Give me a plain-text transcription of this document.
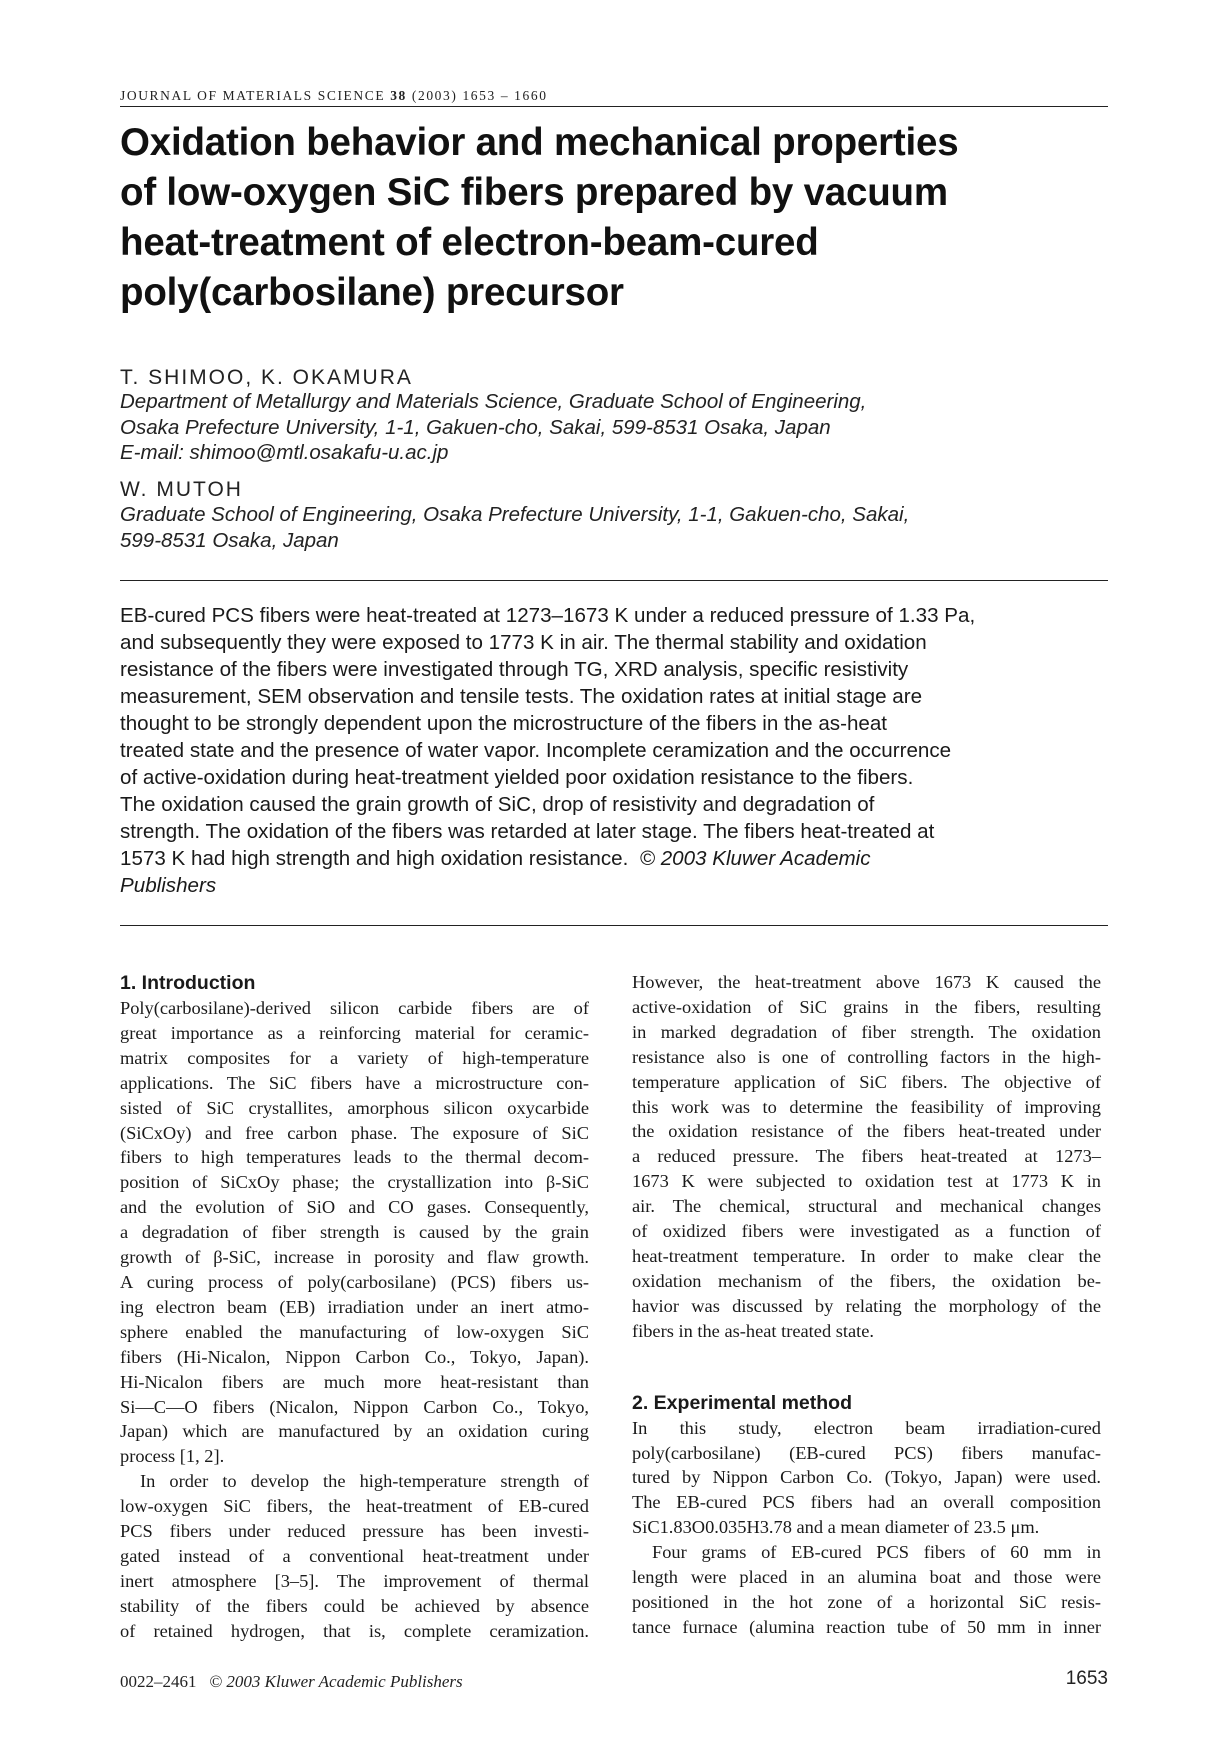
JOURNAL OF MATERIALS SCIENCE 38 (2003) 1653 – 1660
Oxidation behavior and mechanical properties
of low-oxygen SiC fibers prepared by vacuum
heat-treatment of electron-beam-cured
poly(carbosilane) precursor
T. SHIMOO, K. OKAMURA
Department of Metallurgy and Materials Science, Graduate School of Engineering,
Osaka Prefecture University, 1-1, Gakuen-cho, Sakai, 599-8531 Osaka, Japan
E-mail: shimoo@mtl.osakafu-u.ac.jp
W. MUTOH
Graduate School of Engineering, Osaka Prefecture University, 1-1, Gakuen-cho, Sakai,
599-8531 Osaka, Japan
EB-cured PCS fibers were heat-treated at 1273–1673 K under a reduced pressure of 1.33 Pa,
and subsequently they were exposed to 1773 K in air. The thermal stability and oxidation
resistance of the fibers were investigated through TG, XRD analysis, specific resistivity
measurement, SEM observation and tensile tests. The oxidation rates at initial stage are
thought to be strongly dependent upon the microstructure of the fibers in the as-heat
treated state and the presence of water vapor. Incomplete ceramization and the occurrence
of active-oxidation during heat-treatment yielded poor oxidation resistance to the fibers.
The oxidation caused the grain growth of SiC, drop of resistivity and degradation of
strength. The oxidation of the fibers was retarded at later stage. The fibers heat-treated at
1573 K had high strength and high oxidation resistance. © 2003 Kluwer Academic
Publishers
1. Introduction
Poly(carbosilane)-derived silicon carbide fibers are of
great importance as a reinforcing material for ceramic-
matrix composites for a variety of high-temperature
applications. The SiC fibers have a microstructure con-
sisted of SiC crystallites, amorphous silicon oxycarbide
(SiCxOy) and free carbon phase. The exposure of SiC
fibers to high temperatures leads to the thermal decom-
position of SiCxOy phase; the crystallization into β-SiC
and the evolution of SiO and CO gases. Consequently,
a degradation of fiber strength is caused by the grain
growth of β-SiC, increase in porosity and flaw growth.
A curing process of poly(carbosilane) (PCS) fibers us-
ing electron beam (EB) irradiation under an inert atmo-
sphere enabled the manufacturing of low-oxygen SiC
fibers (Hi-Nicalon, Nippon Carbon Co., Tokyo, Japan).
Hi-Nicalon fibers are much more heat-resistant than
Si—C—O fibers (Nicalon, Nippon Carbon Co., Tokyo,
Japan) which are manufactured by an oxidation curing
process [1, 2].
In order to develop the high-temperature strength of
low-oxygen SiC fibers, the heat-treatment of EB-cured
PCS fibers under reduced pressure has been investi-
gated instead of a conventional heat-treatment under
inert atmosphere [3–5]. The improvement of thermal
stability of the fibers could be achieved by absence
of retained hydrogen, that is, complete ceramization.
However, the heat-treatment above 1673 K caused the
active-oxidation of SiC grains in the fibers, resulting
in marked degradation of fiber strength. The oxidation
resistance also is one of controlling factors in the high-
temperature application of SiC fibers. The objective of
this work was to determine the feasibility of improving
the oxidation resistance of the fibers heat-treated under
a reduced pressure. The fibers heat-treated at 1273–
1673 K were subjected to oxidation test at 1773 K in
air. The chemical, structural and mechanical changes
of oxidized fibers were investigated as a function of
heat-treatment temperature. In order to make clear the
oxidation mechanism of the fibers, the oxidation be-
havior was discussed by relating the morphology of the
fibers in the as-heat treated state.
2. Experimental method
In this study, electron beam irradiation-cured
poly(carbosilane) (EB-cured PCS) fibers manufac-
tured by Nippon Carbon Co. (Tokyo, Japan) were used.
The EB-cured PCS fibers had an overall composition
SiC1.83O0.035H3.78 and a mean diameter of 23.5 μm.
Four grams of EB-cured PCS fibers of 60 mm in
length were placed in an alumina boat and those were
positioned in the hot zone of a horizontal SiC resis-
tance furnace (alumina reaction tube of 50 mm in inner
0022–2461 © 2003 Kluwer Academic Publishers	1653
